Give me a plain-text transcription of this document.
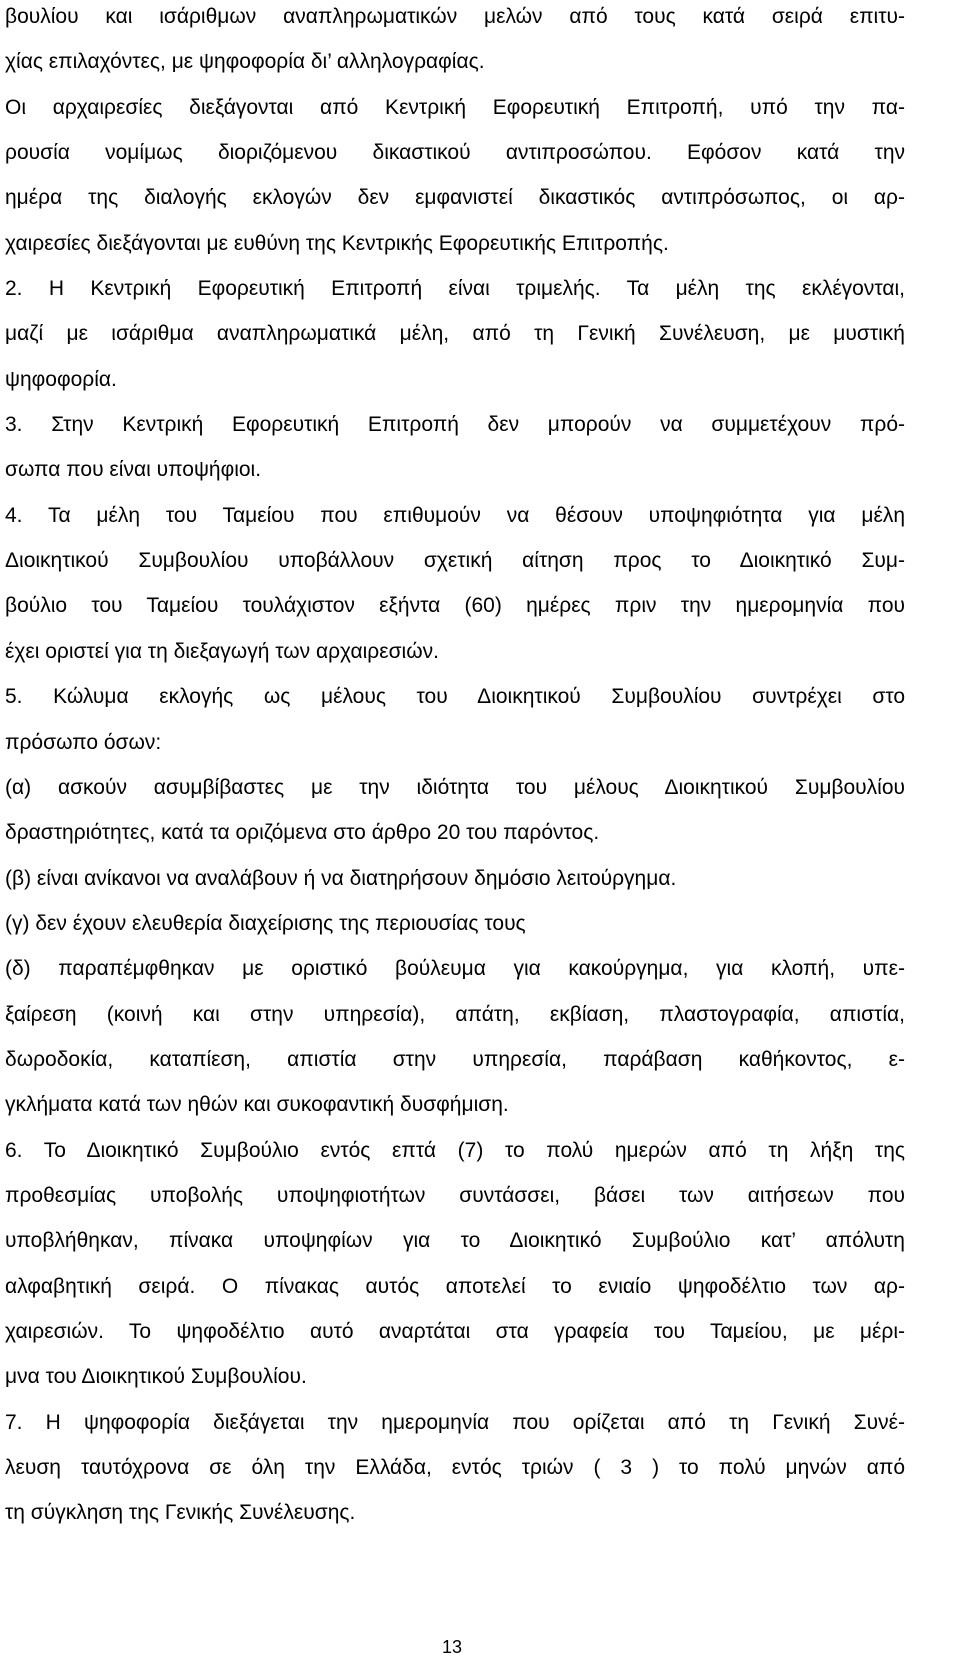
βουλίου και ισάριθμων αναπληρωματικών μελών από τους κατά σειρά επιτυ-
χίας επιλαχόντες, με ψηφοφορία δι’ αλληλογραφίας.
Οι αρχαιρεσίες διεξάγονται από Κεντρική Εφορευτική Επιτροπή, υπό την πα-
ρουσία νομίμως διοριζόμενου δικαστικού αντιπροσώπου. Εφόσον κατά την
ημέρα της διαλογής εκλογών δεν εμφανιστεί δικαστικός αντιπρόσωπος, οι αρ-
χαιρεσίες διεξάγονται με ευθύνη της Κεντρικής Εφορευτικής Επιτροπής.
2. Η Κεντρική Εφορευτική Επιτροπή είναι τριμελής. Τα μέλη της εκλέγονται,
μαζί με ισάριθμα αναπληρωματικά μέλη, από τη Γενική Συνέλευση, με μυστική
ψηφοφορία.
3. Στην Κεντρική Εφορευτική Επιτροπή δεν μπορούν να συμμετέχουν πρό-
σωπα που είναι υποψήφιοι.
4. Τα μέλη του Ταμείου που επιθυμούν να θέσουν υποψηφιότητα για μέλη
Διοικητικού Συμβουλίου υποβάλλουν σχετική αίτηση προς το Διοικητικό Συμ-
βούλιο του Ταμείου τουλάχιστον εξήντα (60) ημέρες πριν την ημερομηνία που
έχει οριστεί για τη διεξαγωγή των αρχαιρεσιών.
5. Κώλυμα εκλογής ως μέλους του Διοικητικού Συμβουλίου συντρέχει στο
πρόσωπο όσων:
(α) ασκούν ασυμβίβαστες με την ιδιότητα του μέλους Διοικητικού Συμβουλίου
δραστηριότητες, κατά τα οριζόμενα στο άρθρο 20 του παρόντος.
(β) είναι ανίκανοι να αναλάβουν ή να διατηρήσουν δημόσιο λειτούργημα.
(γ) δεν έχουν ελευθερία διαχείρισης της περιουσίας τους
(δ) παραπέμφθηκαν με οριστικό βούλευμα για κακούργημα, για κλοπή, υπε-
ξαίρεση (κοινή και στην υπηρεσία), απάτη, εκβίαση, πλαστογραφία, απιστία,
δωροδοκία, καταπίεση, απιστία στην υπηρεσία, παράβαση καθήκοντος, ε-
γκλήματα κατά των ηθών και συκοφαντική δυσφήμιση.
6. Το Διοικητικό Συμβούλιο εντός επτά (7) το πολύ ημερών από τη λήξη της
προθεσμίας υποβολής υποψηφιοτήτων συντάσσει, βάσει των αιτήσεων που
υποβλήθηκαν, πίνακα υποψηφίων για το Διοικητικό Συμβούλιο κατ’ απόλυτη
αλφαβητική σειρά. Ο πίνακας αυτός αποτελεί το ενιαίο ψηφοδέλτιο των αρ-
χαιρεσιών. Το ψηφοδέλτιο αυτό αναρτάται στα γραφεία του Ταμείου, με μέρι-
μνα του Διοικητικού Συμβουλίου.
7. Η ψηφοφορία διεξάγεται την ημερομηνία που ορίζεται από τη Γενική Συνέ-
λευση ταυτόχρονα σε όλη την Ελλάδα, εντός τριών ( 3 ) το πολύ μηνών από
τη σύγκληση της Γενικής Συνέλευσης.
13
